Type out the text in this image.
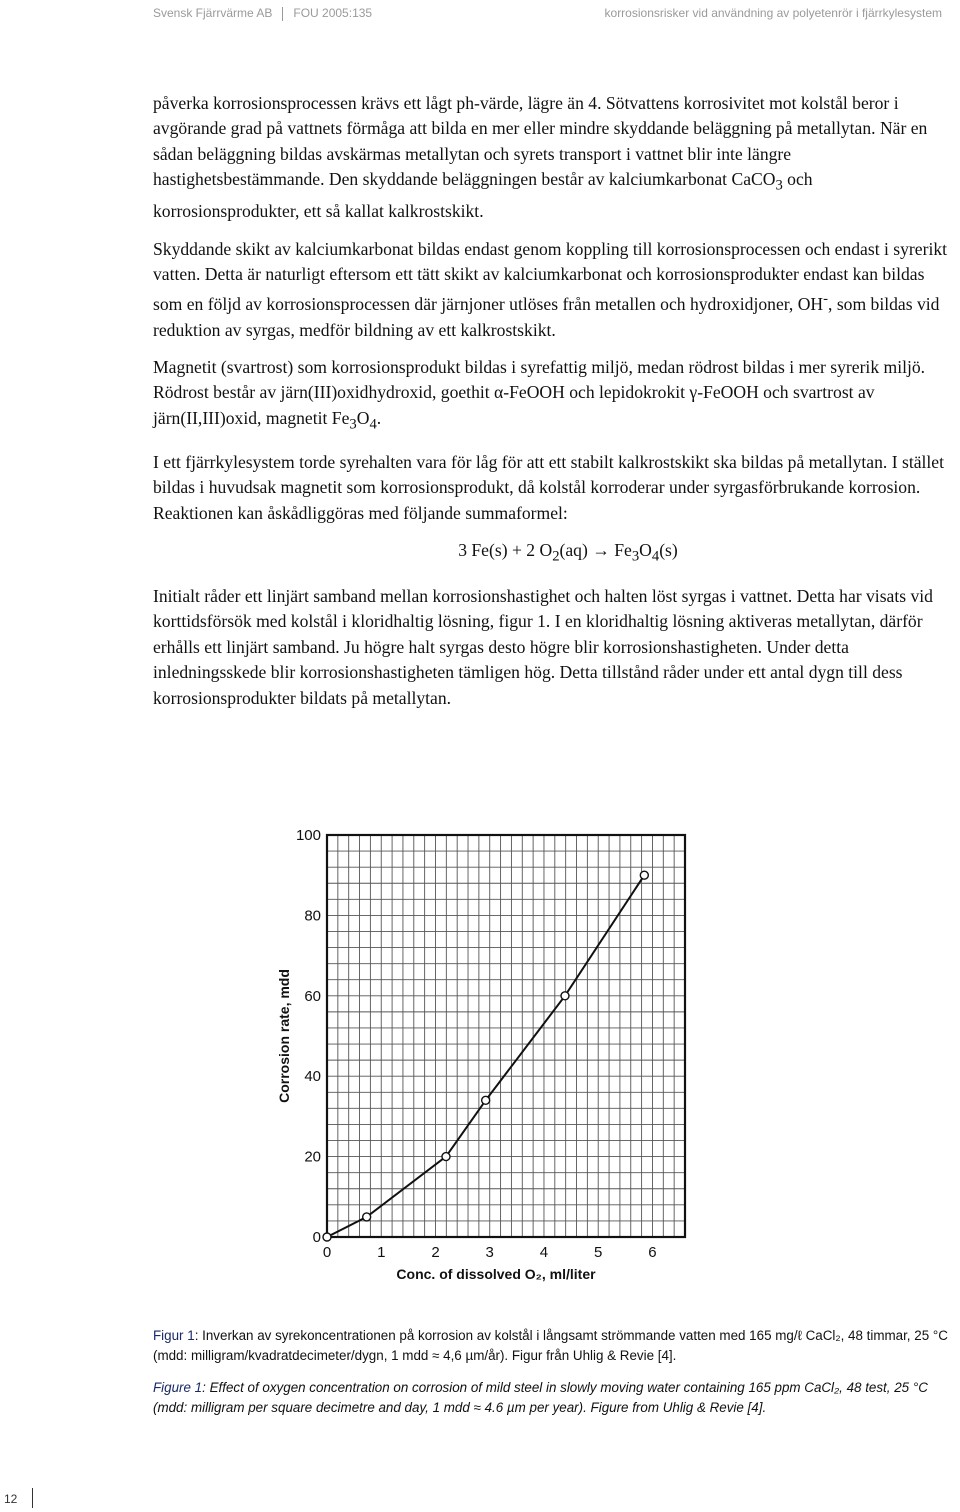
Svensk Fjärrvärme AB FOU 2005:135	korrosionsrisker vid användning av polyetenrör i fjärrkylesystem

påverka korrosionsprocessen krävs ett lågt ph-värde, lägre än 4. Sötvattens korrosivitet mot kolstål beror i avgörande grad på vattnets förmåga att bilda en mer eller mindre skyddande beläggning på metallytan. När en sådan beläggning bildas avskärmas metallytan och syrets transport i vattnet blir inte längre hastighetsbestämmande. Den skyddande beläggningen består av kalciumkarbonat CaCO$_3$ och korrosionsprodukter, ett så kallat kalkrostskikt.

Skyddande skikt av kalciumkarbonat bildas endast genom koppling till korrosionsprocessen och endast i syrerikt vatten. Detta är naturligt eftersom ett tätt skikt av kalciumkarbonat och korrosionsprodukter endast kan bildas som en följd av korrosionsprocessen där järnjoner utlöses från metallen och hydroxidjoner, OH-, som bildas vid reduktion av syrgas, medför bildning av ett kalkrostskikt.

Magnetit (svartrost) som korrosionsprodukt bildas i syrefattig miljö, medan rödrost bildas i mer syrerik miljö. Rödrost består av järn(III)oxidhydroxid, goethit α-FeOOH och lepidokrokit γ-FeOOH och svartrost av järn(II,III)oxid, magnetit $Fe_3O_4$.

I ett fjärrkylesystem torde syrehalten vara för låg för att ett stabilt kalkrostskikt ska bildas på metallytan. I stället bildas i huvudsak magnetit som korrosionsprodukt, då kolstål korroderar under syrgasförbrukande korrosion. Reaktionen kan åskådliggöras med följande summaformel:

3 Fe(s) + 2 $O_2(aq) \to Fe_3O_4(s)$

Initialt råder ett linjärt samband mellan korrosionshastighet och halten löst syrgas i vattnet. Detta har visats vid korttidsförsök med kolstål i kloridhaltig lösning, figur 1. I en kloridhaltig lösning aktiveras metallytan, därför erhålls ett linjärt samband. Ju högre halt syrgas desto högre blir korrosionshastigheten. Under detta inledningsskede blir korrosionshastigheten tämligen hög. Detta tillstånd råder under ett antal dygn till dess korrosionsprodukter bildats på metallytan.

0	1	2	3	4	5	6
0
20
40
60
80
100
Conc. of dissolved O₂, ml/liter
Corrosion rate, mdd

Figur 1: Inverkan av syrekoncentrationen på korrosion av kolstål i långsamt strömmande vatten med 165 mg/ℓ CaCl₂, 48 timmar, 25 °C (mdd: milligram/kvadratdecimeter/dygn, 1 mdd ≈ 4,6 µm/år). Figur från Uhlig & Revie [4].

Figure 1: Effect of oxygen concentration on corrosion of mild steel in slowly moving water containing 165 ppm CaCl₂, 48 test, 25 °C (mdd: milligram per square decimetre and day, 1 mdd ≈ 4.6 µm per year). Figure from Uhlig & Revie [4].

12
